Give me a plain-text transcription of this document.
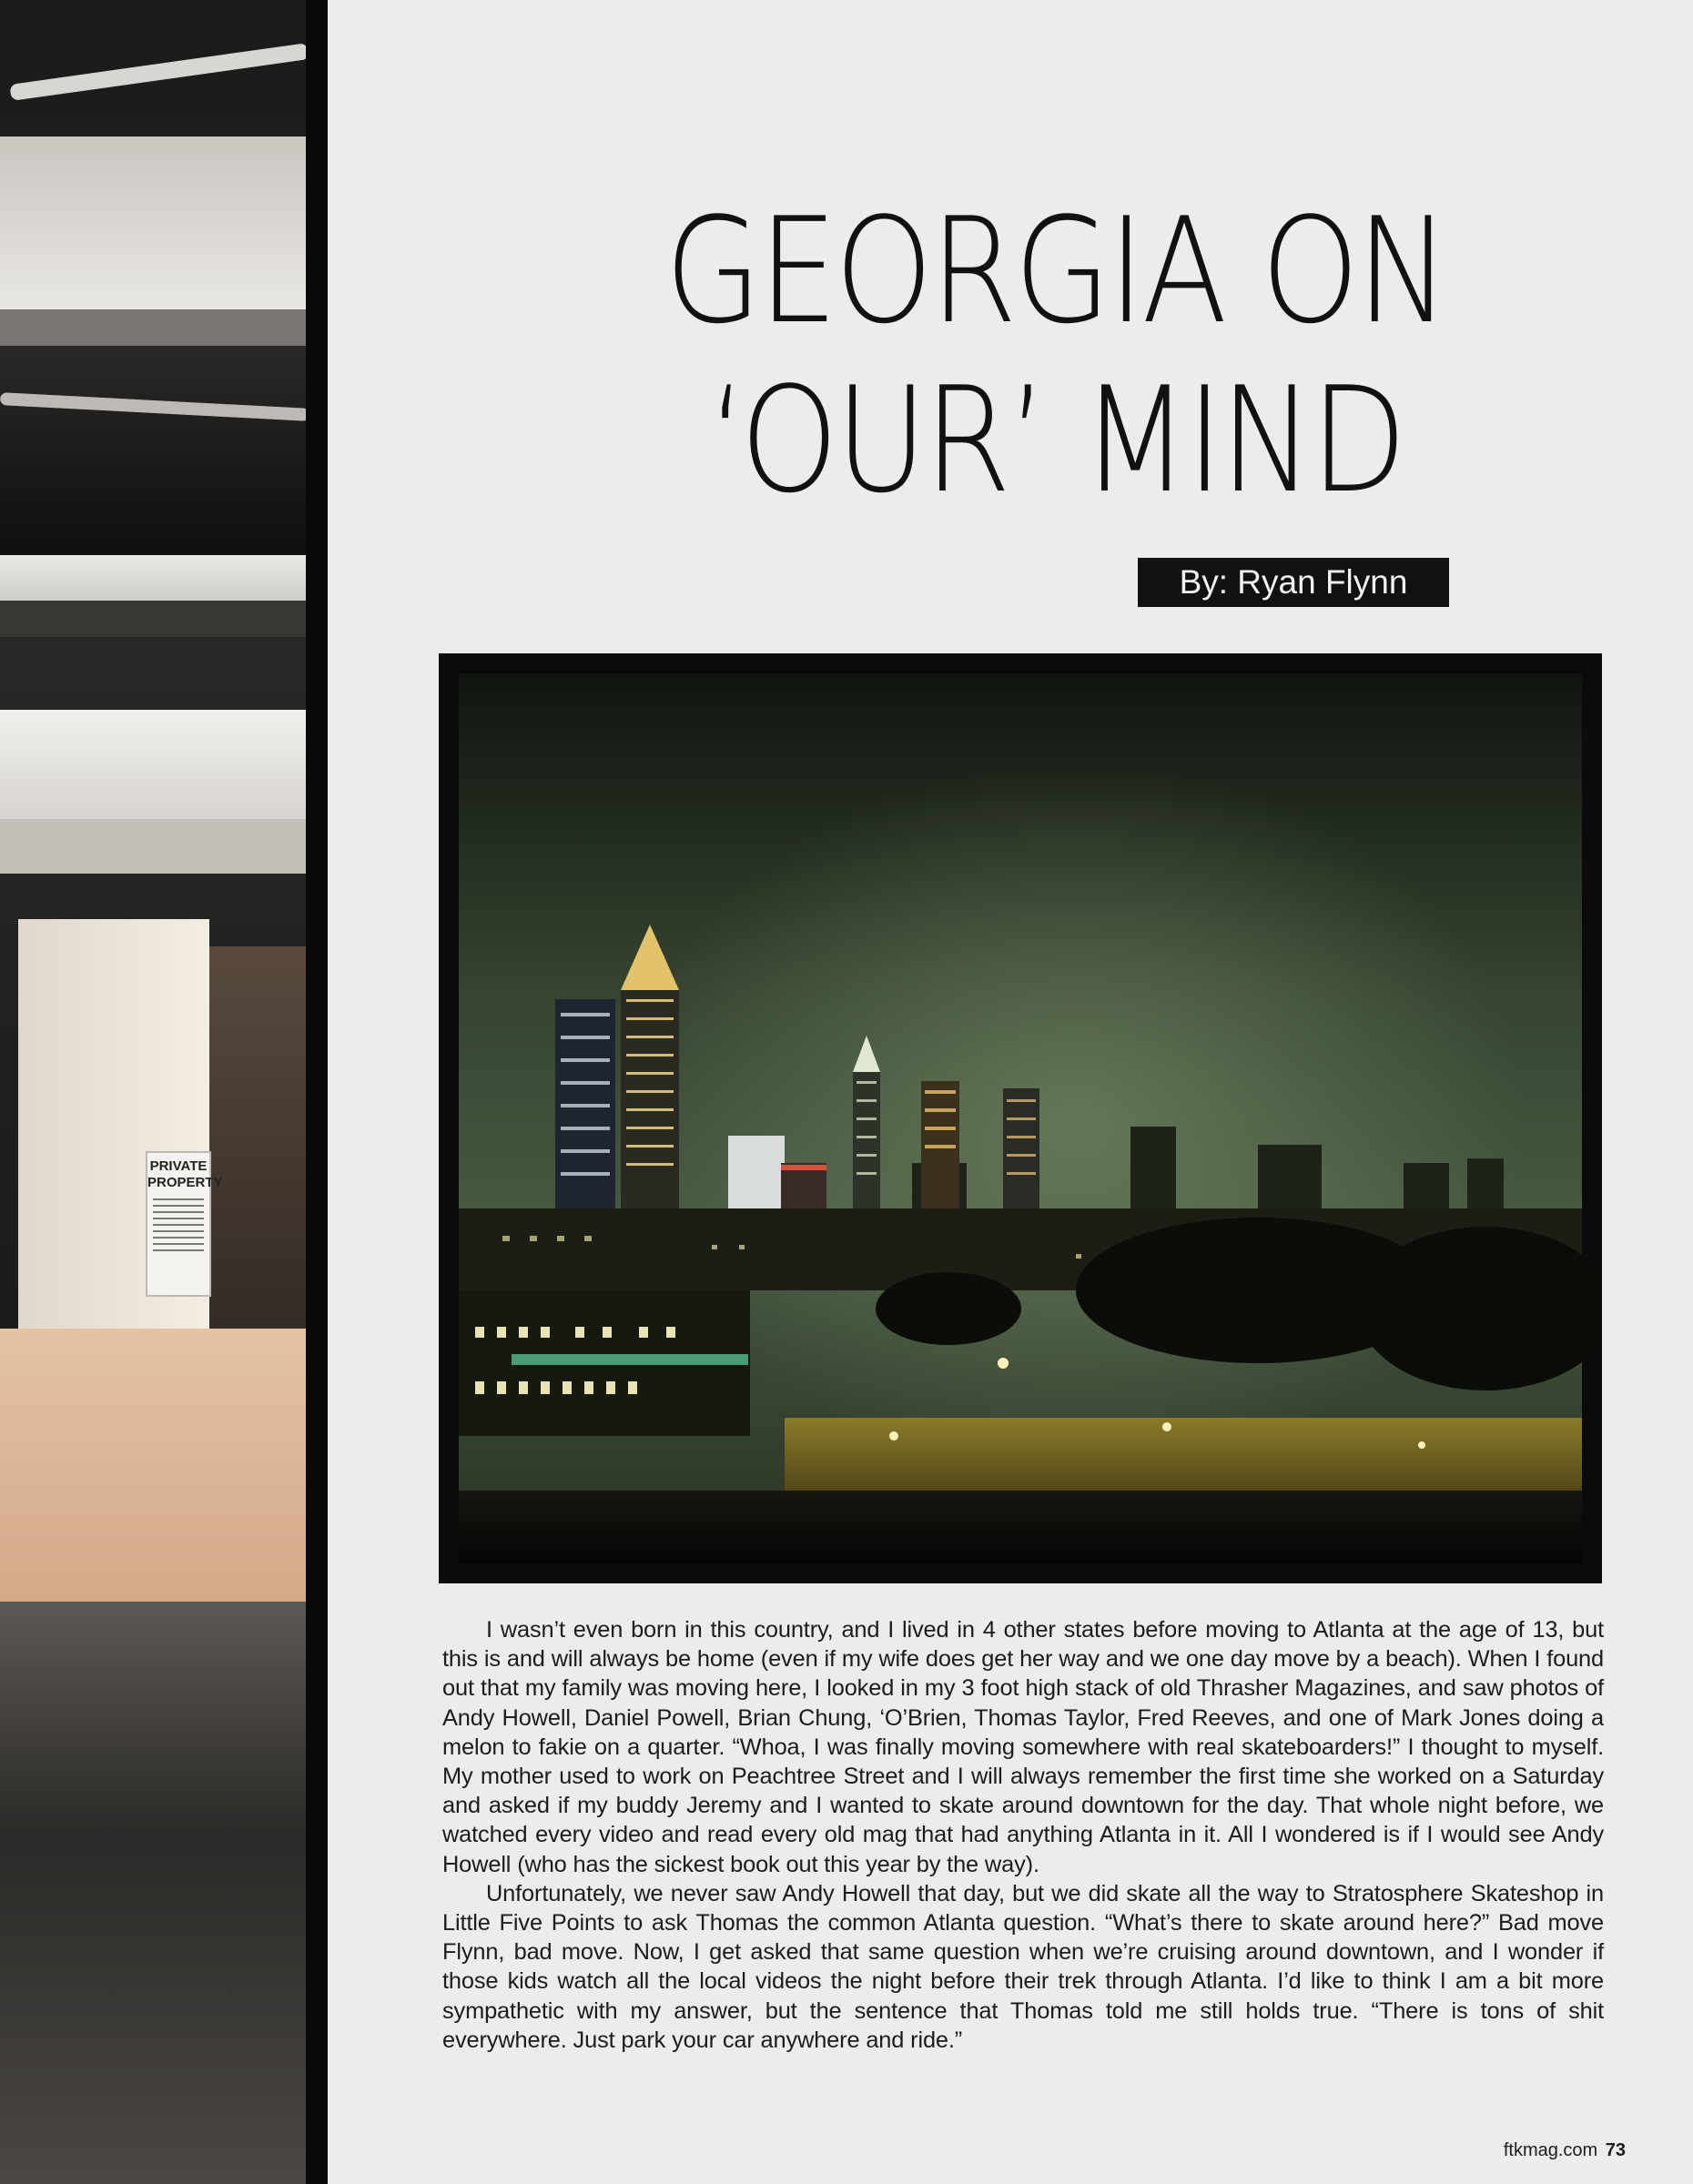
PRIVATE
PROPERTY
GEORGIA ON
‘OUR’ MIND
By: Ryan Flynn

I wasn’t even born in this country, and I lived in 4 other states before moving to Atlanta at the age of 13, but this is and will always be home (even if my wife does get her way and we one day move by a beach). When I found out that my family was moving here, I looked in my 3 foot high stack of old Thrasher Magazines, and saw photos of Andy Howell, Daniel Powell, Brian Chung, ‘O’Brien, Thomas Taylor, Fred Reeves, and one of Mark Jones doing a melon to fakie on a quarter. “Whoa, I was finally moving somewhere with real skateboarders!” I thought to myself. My mother used to work on Peachtree Street and I will always remember the first time she worked on a Saturday and asked if my buddy Jeremy and I wanted to skate around downtown for the day. That whole night before, we watched every video and read every old mag that had anything Atlanta in it. All I wondered is if I would see Andy Howell (who has the sickest book out this year by the way).

Unfortunately, we never saw Andy Howell that day, but we did skate all the way to Stratosphere Skateshop in Little Five Points to ask Thomas the common Atlanta question. “What’s there to skate around here?” Bad move Flynn, bad move. Now, I get asked that same question when we’re cruising around downtown, and I wonder if those kids watch all the local videos the night before their trek through Atlanta. I’d like to think I am a bit more sympathetic with my answer, but the sentence that Thomas told me still holds true. “There is tons of shit everywhere. Just park your car anywhere and ride.”

ftkmag.com 73
